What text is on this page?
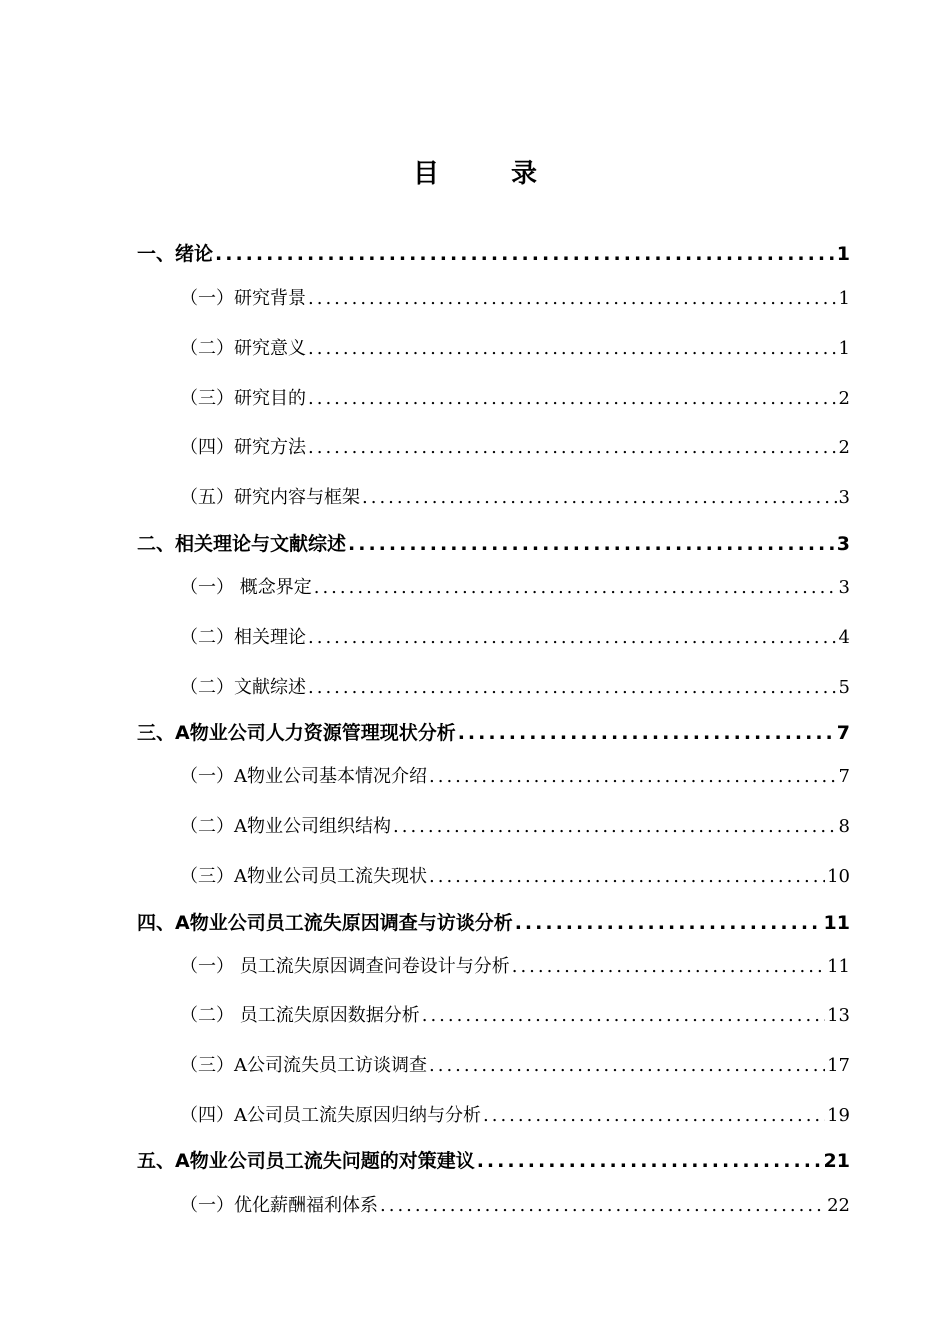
目录
一、绪论 .....	1
（一）研究背景 .....	1
（二）研究意义 .....	1
（三）研究目的 .....	2
（四）研究方法 .....	2
（五）研究内容与框架 .....	3
二、相关理论与文献综述 .....	3
（一） 概念界定 .....	3
（二）相关理论 .....	4
（二）文献综述 .....	5
三、A物业公司人力资源管理现状分析 .....	7
（一）A物业公司基本情况介绍 .....	7
（二）A物业公司组织结构 .....	8
（三）A物业公司员工流失现状 .....	10
四、A物业公司员工流失原因调查与访谈分析 .....	11
（一） 员工流失原因调查问卷设计与分析 .....	11
（二） 员工流失原因数据分析 .....	13
（三）A公司流失员工访谈调查 .....	17
（四）A公司员工流失原因归纳与分析 .....	19
五、A物业公司员工流失问题的对策建议 .....	21
（一）优化薪酬福利体系 .....	22
